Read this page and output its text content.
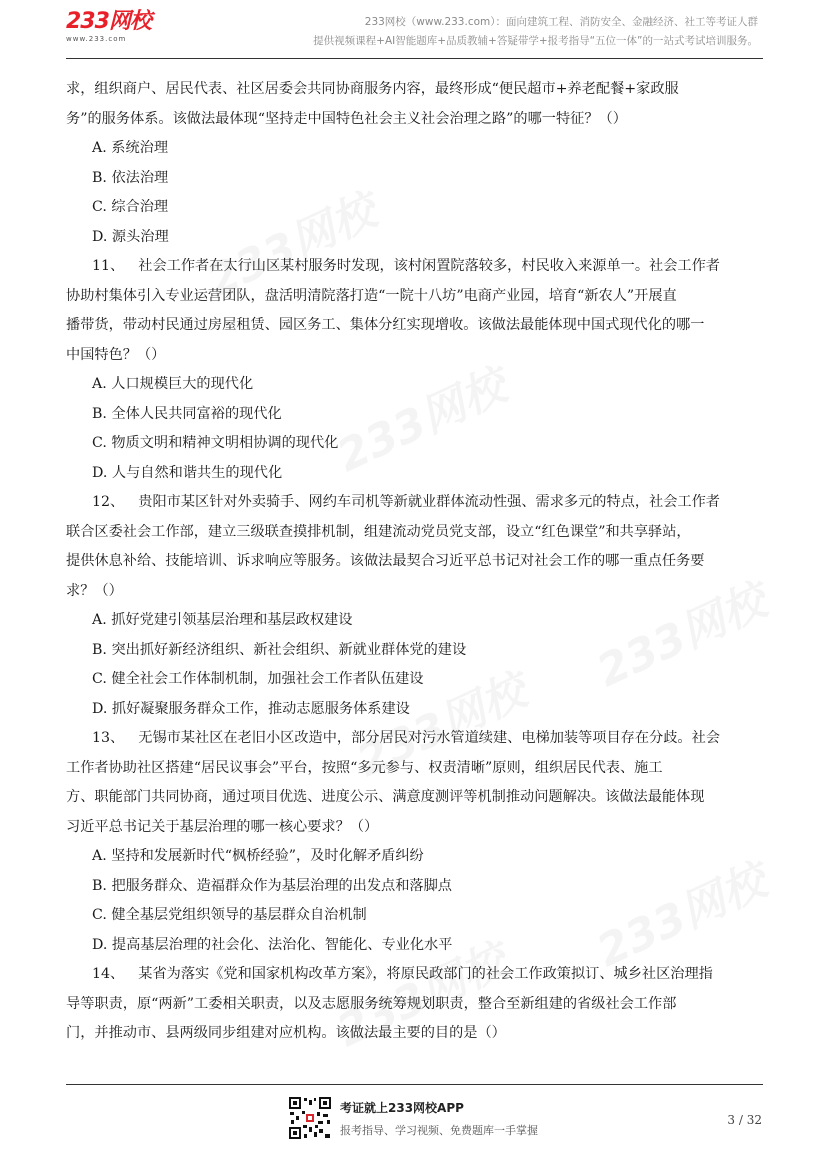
233网校
www.233.com
233网校（www.233.com）：面向建筑工程、消防安全、金融经济、社工等考证人群
提供视频课程+AI智能题库+品质教辅+答疑带学+报考指导“五位一体”的一站式考试培训服务。
求，组织商户、居民代表、社区居委会共同协商服务内容，最终形成“便民超市+养老配餐+家政服
务”的服务体系。该做法最体现“坚持走中国特色社会主义社会治理之路”的哪一特征？（）
A. 系统治理
B. 依法治理
C. 综合治理
D. 源头治理
11、 社会工作者在太行山区某村服务时发现，该村闲置院落较多，村民收入来源单一。社会工作者
协助村集体引入专业运营团队，盘活明清院落打造“一院十八坊”电商产业园，培育“新农人”开展直
播带货，带动村民通过房屋租赁、园区务工、集体分红实现增收。该做法最能体现中国式现代化的哪一
中国特色？（）
A. 人口规模巨大的现代化
B. 全体人民共同富裕的现代化
C. 物质文明和精神文明相协调的现代化
D. 人与自然和谐共生的现代化
12、 贵阳市某区针对外卖骑手、网约车司机等新就业群体流动性强、需求多元的特点，社会工作者
联合区委社会工作部，建立三级联查摸排机制，组建流动党员党支部，设立“红色课堂”和共享驿站，
提供休息补给、技能培训、诉求响应等服务。该做法最契合习近平总书记对社会工作的哪一重点任务要
求？（）
A. 抓好党建引领基层治理和基层政权建设
B. 突出抓好新经济组织、新社会组织、新就业群体党的建设
C. 健全社会工作体制机制，加强社会工作者队伍建设
D. 抓好凝聚服务群众工作，推动志愿服务体系建设
13、 无锡市某社区在老旧小区改造中，部分居民对污水管道续建、电梯加装等项目存在分歧。社会
工作者协助社区搭建“居民议事会”平台，按照“多元参与、权责清晰”原则，组织居民代表、施工
方、职能部门共同协商，通过项目优选、进度公示、满意度测评等机制推动问题解决。该做法最能体现
习近平总书记关于基层治理的哪一核心要求？（）
A. 坚持和发展新时代“枫桥经验”，及时化解矛盾纠纷
B. 把服务群众、造福群众作为基层治理的出发点和落脚点
C. 健全基层党组织领导的基层群众自治机制
D. 提高基层治理的社会化、法治化、智能化、专业化水平
14、 某省为落实《党和国家机构改革方案》，将原民政部门的社会工作政策拟订、城乡社区治理指
导等职责，原“两新”工委相关职责，以及志愿服务统筹规划职责，整合至新组建的省级社会工作部
门，并推动市、县两级同步组建对应机构。该做法最主要的目的是（）
考证就上233网校APP
报考指导、学习视频、免费题库一手掌握
3 / 32
